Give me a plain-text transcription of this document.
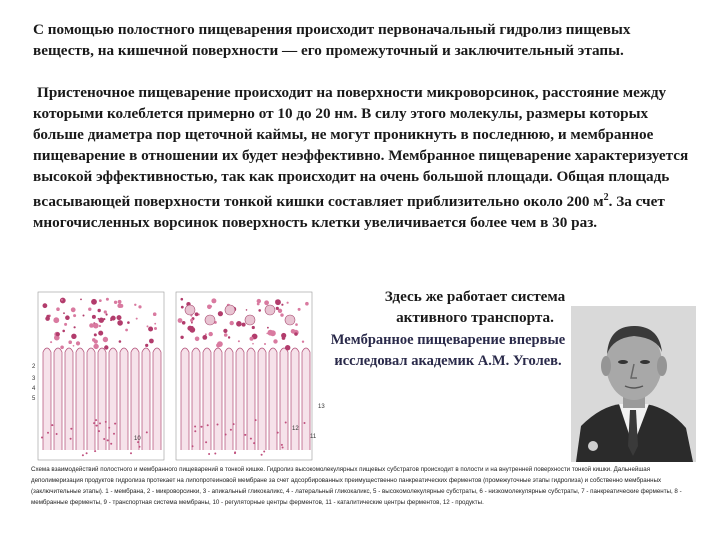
С помощью полостного пищеварения происходит первоначальный гидролиз пищевых веществ, на кишечной поверхности — его промежуточный и заключительный этапы.
Пристеночное пищеварение происходит на поверхности микроворсинок, расстояние между которыми колеблется примерно от 10 до 20 нм. В силу этого молекулы, размеры которых больше диаметра пор щеточной каймы, не могут проникнуть в последнюю, и мембранное пищеварение в отношении их будет неэффективно. Мембранное пищеварение характеризуется высокой эффективностью, так как происходит на очень большой площади. Общая площадь всасывающей поверхности тонкой кишки составляет приблизительно около 200 $м^2$. За счет многочисленных ворсинок поверхность клетки увеличивается более чем в 30 раз.
Здесь же работает система активного транспорта.
Мембранное пищеварение впервые исследовал академик А.М. Уголев.
2
3
4
5
10
13
12
11
Схема взаимодействий полостного и мембранного пищеварений в тонкой кишке. Гидролиз высокомолекулярных пищевых субстратов происходит в полости и на внутренней поверхности тонкой кишки. Дальнейшая деполимеризация продуктов гидролиза протекает на липопротеиновой мембране за счет адсорбированных преимущественно панкреатических ферментов (промежуточные этапы гидролиза) и собственно мембранных (заключительные этапы). 1 - мембрана, 2 - микроворсинки, 3 - апикальный гликокаликс, 4 - латеральный гликокаликс, 5 - высокомолекулярные субстраты, 6 - низкомолекулярные субстраты, 7 - панкреатические ферменты, 8 - мембранные ферменты, 9 - транспортная система мембраны, 10 - регуляторные центры ферментов, 11 - каталитические центры ферментов, 12 - продукты.
